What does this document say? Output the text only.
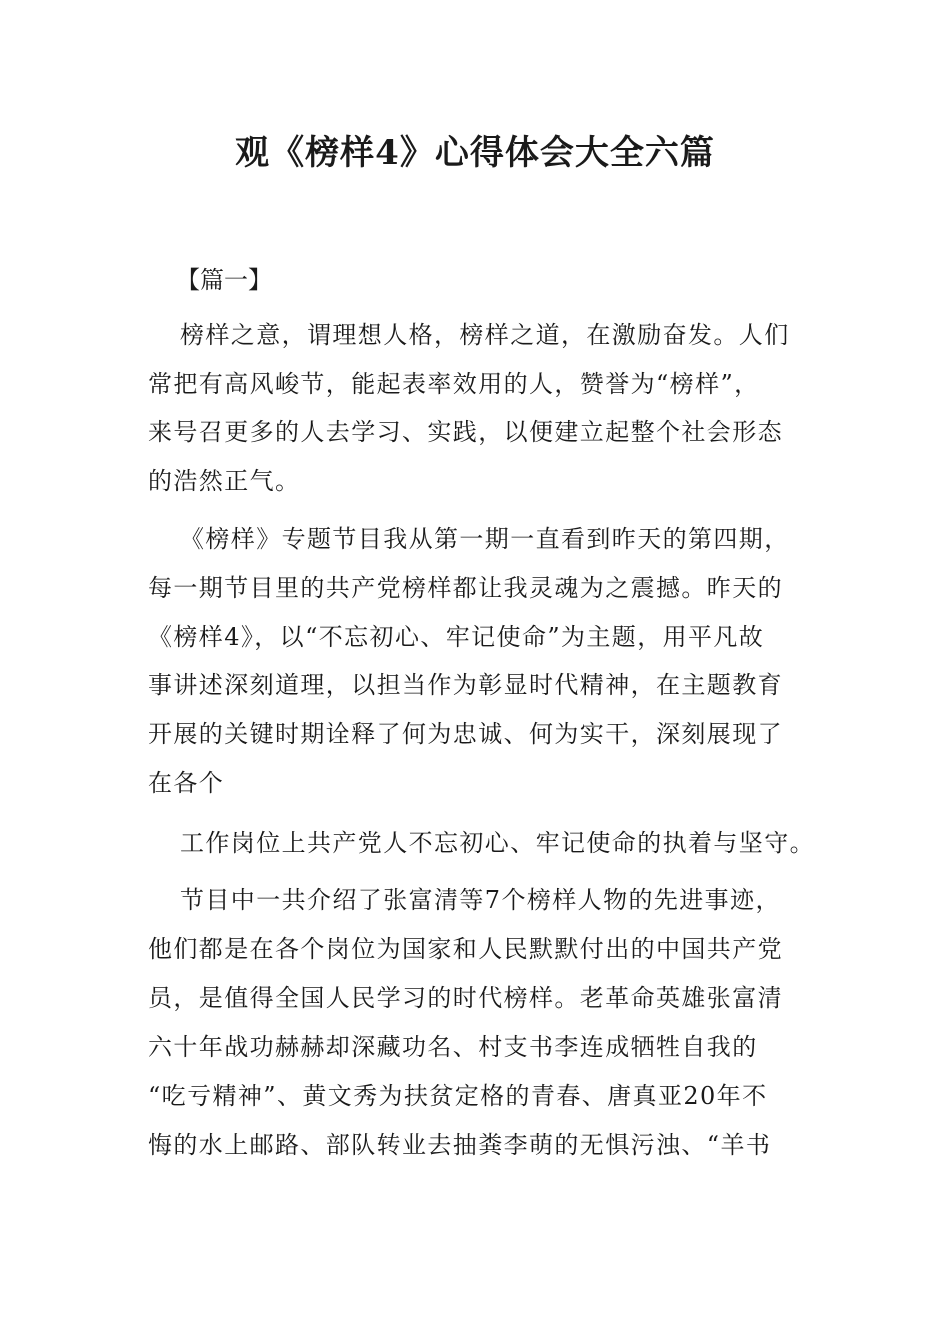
观《榜样4》心得体会大全六篇
【篇一】
榜样之意，谓理想人格，榜样之道，在激励奋发。人们
常把有高风峻节，能起表率效用的人，赞誉为“榜样”，
来号召更多的人去学习、实践，以便建立起整个社会形态
的浩然正气。
《榜样》专题节目我从第一期一直看到昨天的第四期，
每一期节目里的共产党榜样都让我灵魂为之震撼。昨天的
《榜样4》，以“不忘初心、牢记使命”为主题，用平凡故
事讲述深刻道理，以担当作为彰显时代精神，在主题教育
开展的关键时期诠释了何为忠诚、何为实干，深刻展现了
在各个
工作岗位上共产党人不忘初心、牢记使命的执着与坚守。
节目中一共介绍了张富清等7个榜样人物的先进事迹，
他们都是在各个岗位为国家和人民默默付出的中国共产党
员，是值得全国人民学习的时代榜样。老革命英雄张富清
六十年战功赫赫却深藏功名、村支书李连成牺牲自我的
“吃亏精神”、黄文秀为扶贫定格的青春、唐真亚20年不
悔的水上邮路、部队转业去抽粪李萌的无惧污浊、“羊书
